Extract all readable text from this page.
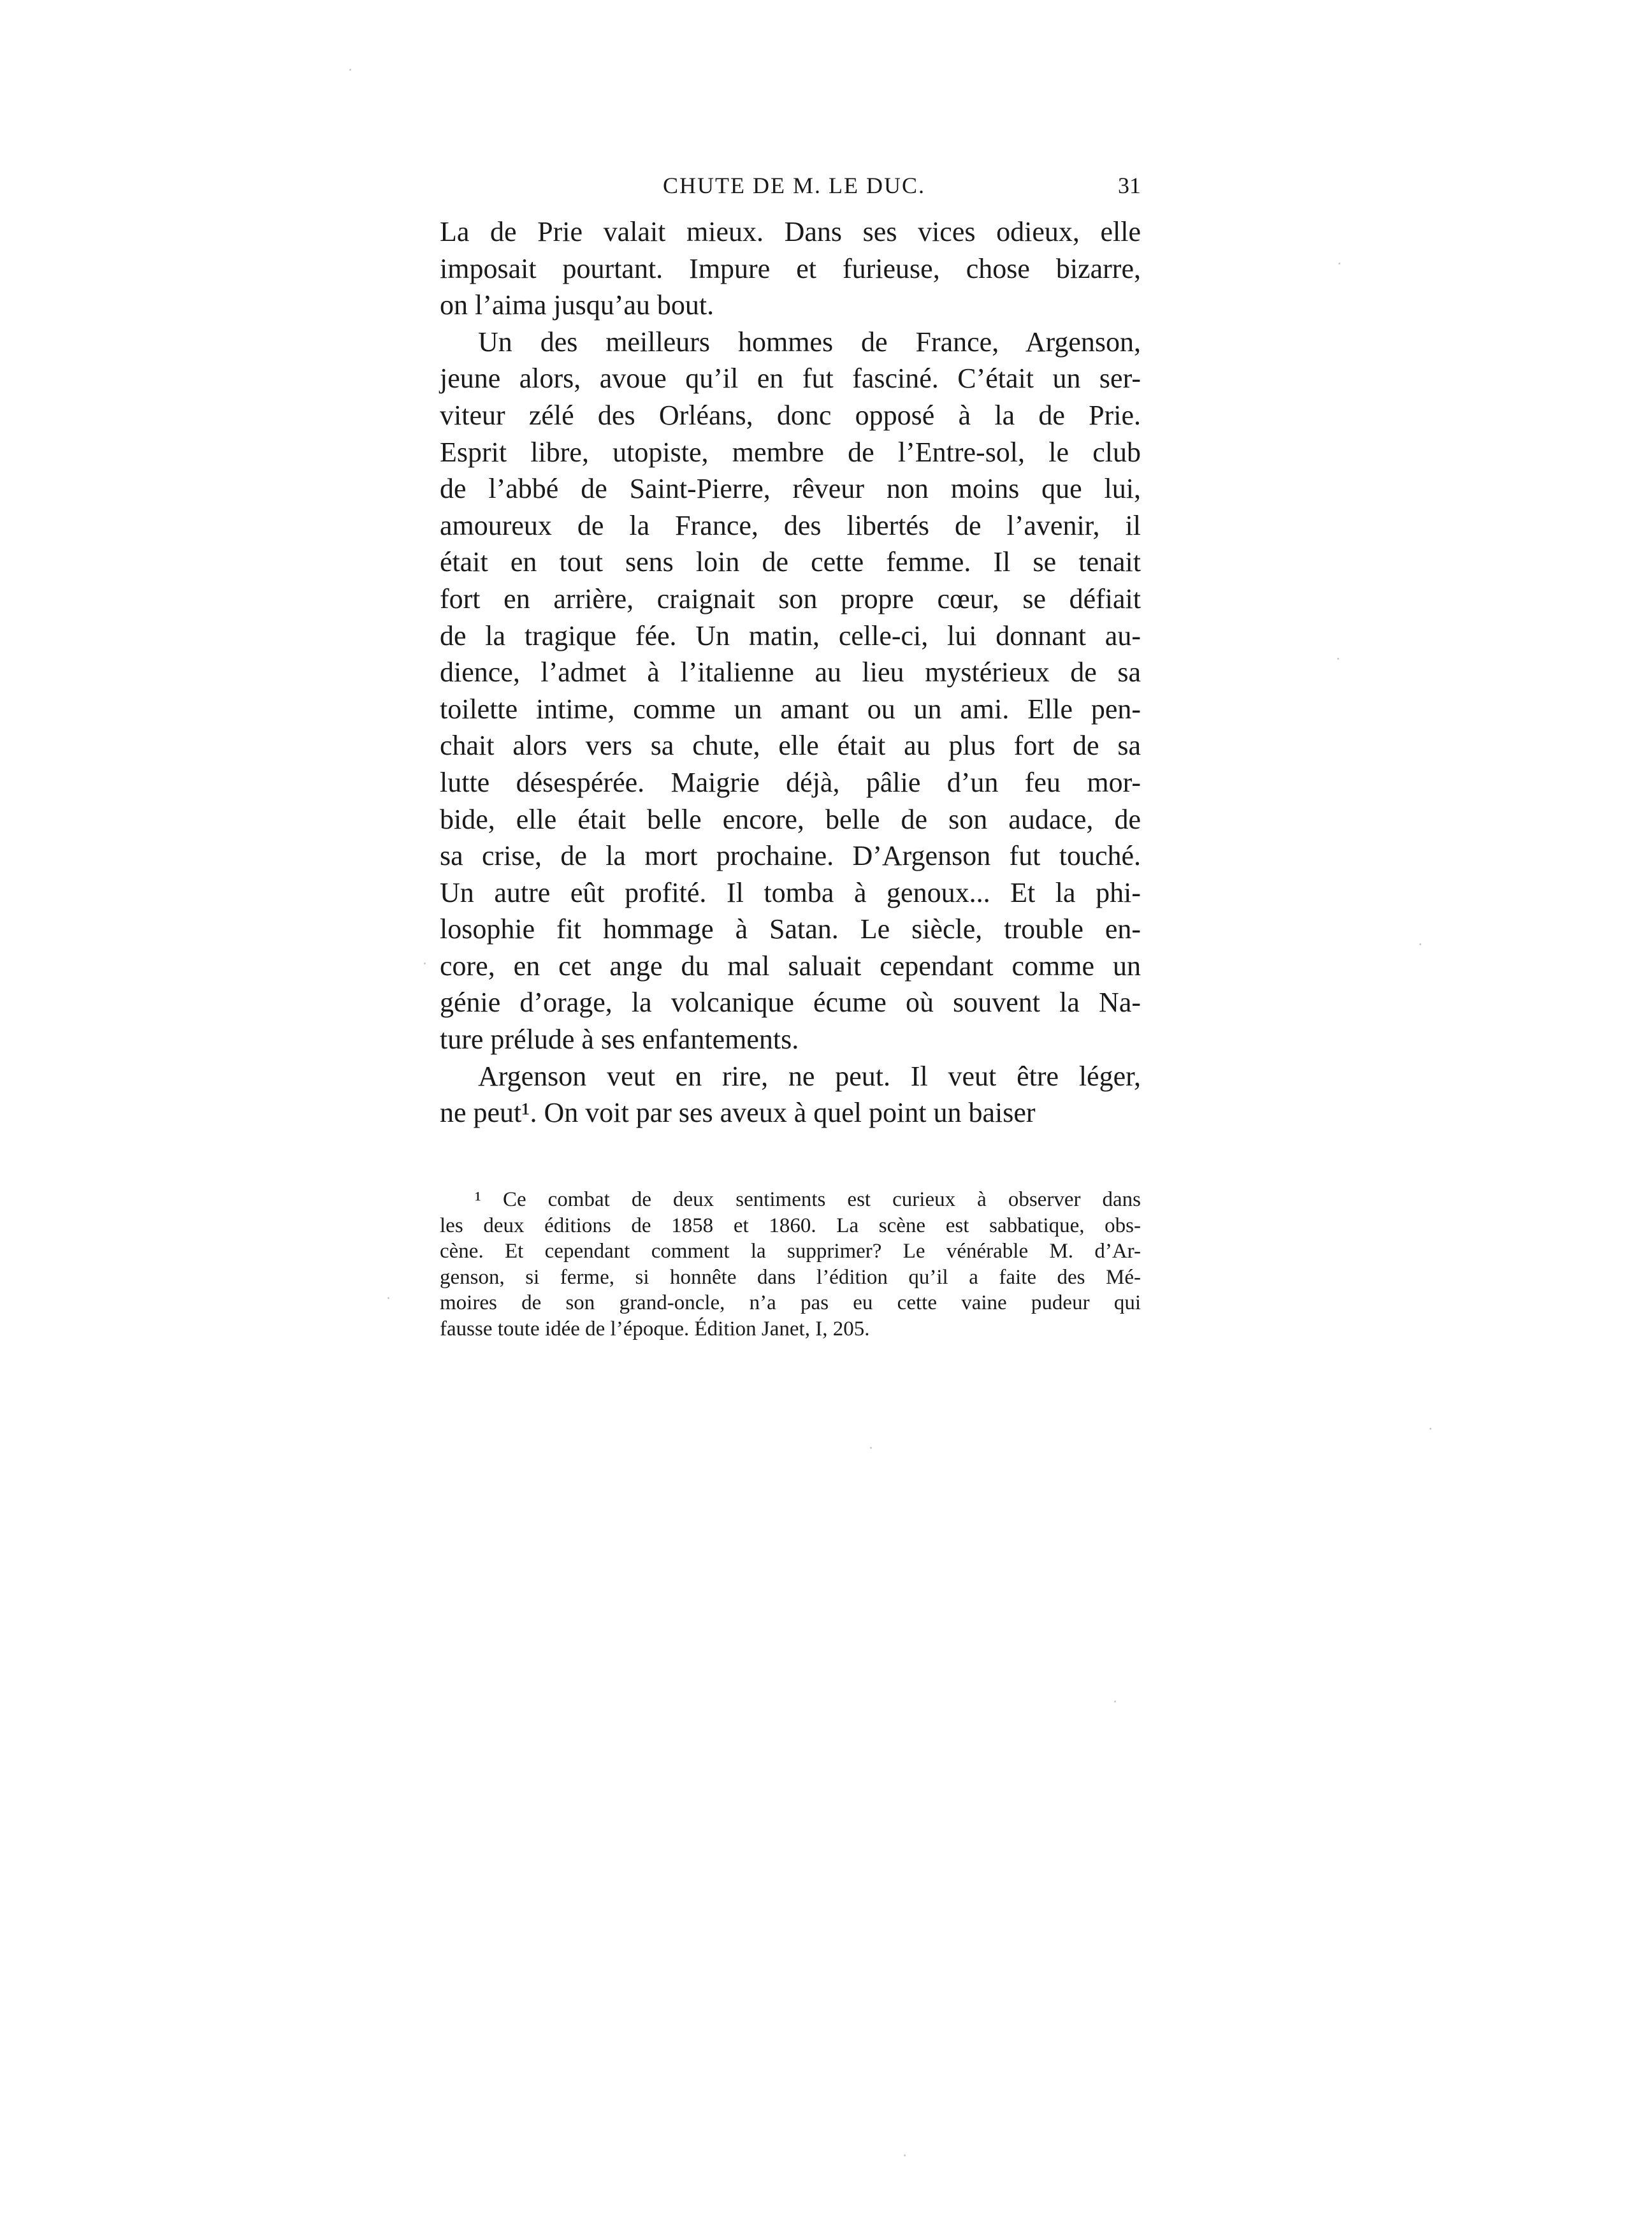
CHUTE DE M. LE DUC.	31
La de Prie valait mieux. Dans ses vices odieux, elle
imposait pourtant. Impure et furieuse, chose bizarre,
on l’aima jusqu’au bout.
Un des meilleurs hommes de France, Argenson,
jeune alors, avoue qu’il en fut fasciné. C’était un ser-
viteur zélé des Orléans, donc opposé à la de Prie.
Esprit libre, utopiste, membre de l’Entre-sol, le club
de l’abbé de Saint-Pierre, rêveur non moins que lui,
amoureux de la France, des libertés de l’avenir, il
était en tout sens loin de cette femme. Il se tenait
fort en arrière, craignait son propre cœur, se défiait
de la tragique fée. Un matin, celle-ci, lui donnant au-
dience, l’admet à l’italienne au lieu mystérieux de sa
toilette intime, comme un amant ou un ami. Elle pen-
chait alors vers sa chute, elle était au plus fort de sa
lutte désespérée. Maigrie déjà, pâlie d’un feu mor-
bide, elle était belle encore, belle de son audace, de
sa crise, de la mort prochaine. D’Argenson fut touché.
Un autre eût profité. Il tomba à genoux... Et la phi-
losophie fit hommage à Satan. Le siècle, trouble en-
core, en cet ange du mal saluait cependant comme un
génie d’orage, la volcanique écume où souvent la Na-
ture prélude à ses enfantements.
Argenson veut en rire, ne peut. Il veut être léger,
ne peut¹. On voit par ses aveux à quel point un baiser
¹ Ce combat de deux sentiments est curieux à observer dans
les deux éditions de 1858 et 1860. La scène est sabbatique, obs-
cène. Et cependant comment la supprimer? Le vénérable M. d’Ar-
genson, si ferme, si honnête dans l’édition qu’il a faite des Mé-
moires de son grand-oncle, n’a pas eu cette vaine pudeur qui
fausse toute idée de l’époque. Édition Janet, I, 205.
